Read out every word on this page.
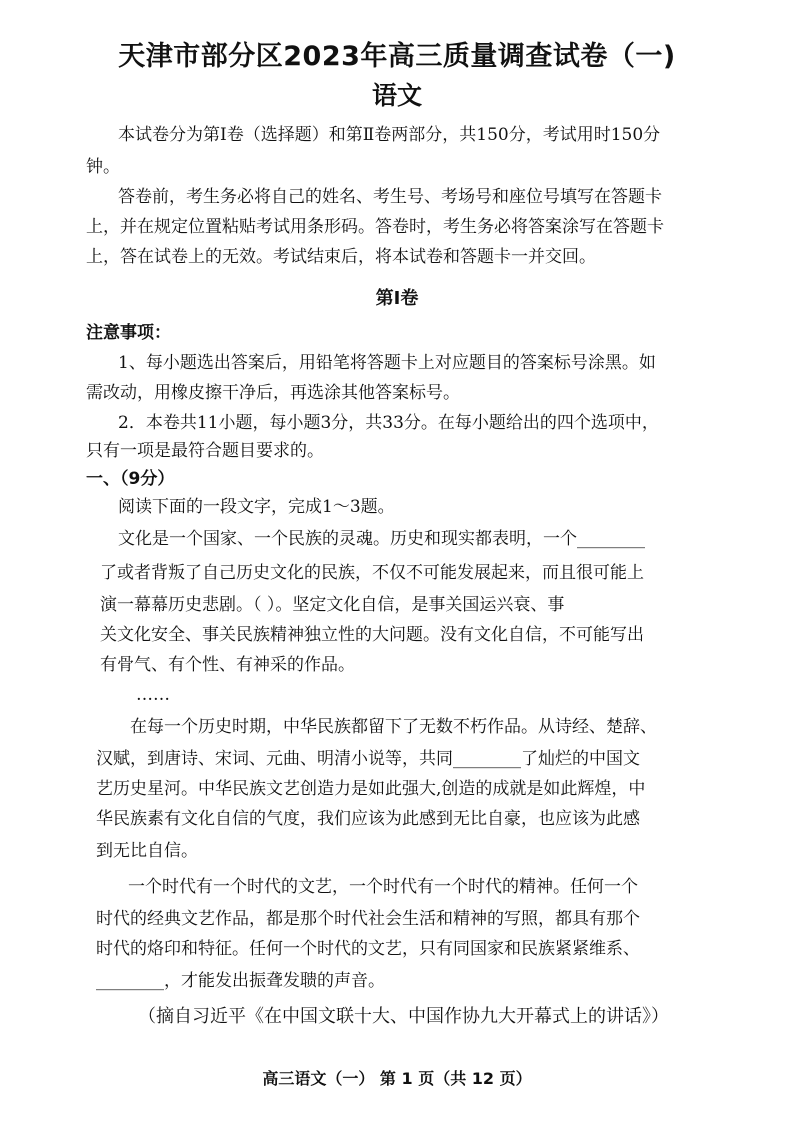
天津市部分区2023年高三质量调查试卷（一)
语文
本试卷分为第Ⅰ卷（选择题）和第Ⅱ卷两部分，共150分，考试用时150分
钟。
答卷前，考生务必将自己的姓名、考生号、考场号和座位号填写在答题卡
上，并在规定位置粘贴考试用条形码。答卷时，考生务必将答案涂写在答题卡
上，答在试卷上的无效。考试结束后，将本试卷和答题卡一并交回。
第Ⅰ卷
注意事项：
1、每小题选出答案后，用铅笔将答题卡上对应题目的答案标号涂黑。如
需改动，用橡皮擦干净后，再选涂其他答案标号。
2．本卷共11小题，每小题3分，共33分。在每小题给出的四个选项中，
只有一项是最符合题目要求的。
一、（9分）
阅读下面的一段文字，完成1～3题。
文化是一个国家、一个民族的灵魂。历史和现实都表明，一个________
了或者背叛了自己历史文化的民族，不仅不可能发展起来，而且很可能上
演一幕幕历史悲剧。（ ）。坚定文化自信，是事关国运兴衰、事
关文化安全、事关民族精神独立性的大问题。没有文化自信，不可能写出
有骨气、有个性、有神采的作品。
……
在每一个历史时期，中华民族都留下了无数不朽作品。从诗经、楚辞、
汉赋，到唐诗、宋词、元曲、明清小说等，共同________了灿烂的中国文
艺历史星河。中华民族文艺创造力是如此强大,创造的成就是如此辉煌，中
华民族素有文化自信的气度，我们应该为此感到无比自豪，也应该为此感
到无比自信。
一个时代有一个时代的文艺，一个时代有一个时代的精神。任何一个
时代的经典文艺作品，都是那个时代社会生活和精神的写照，都具有那个
时代的烙印和特征。任何一个时代的文艺，只有同国家和民族紧紧维系、
________，才能发出振聋发聩的声音。
（摘自习近平《在中国文联十大、中国作协九大开幕式上的讲话》）
高三语文（一） 第 1 页（共 12 页）
